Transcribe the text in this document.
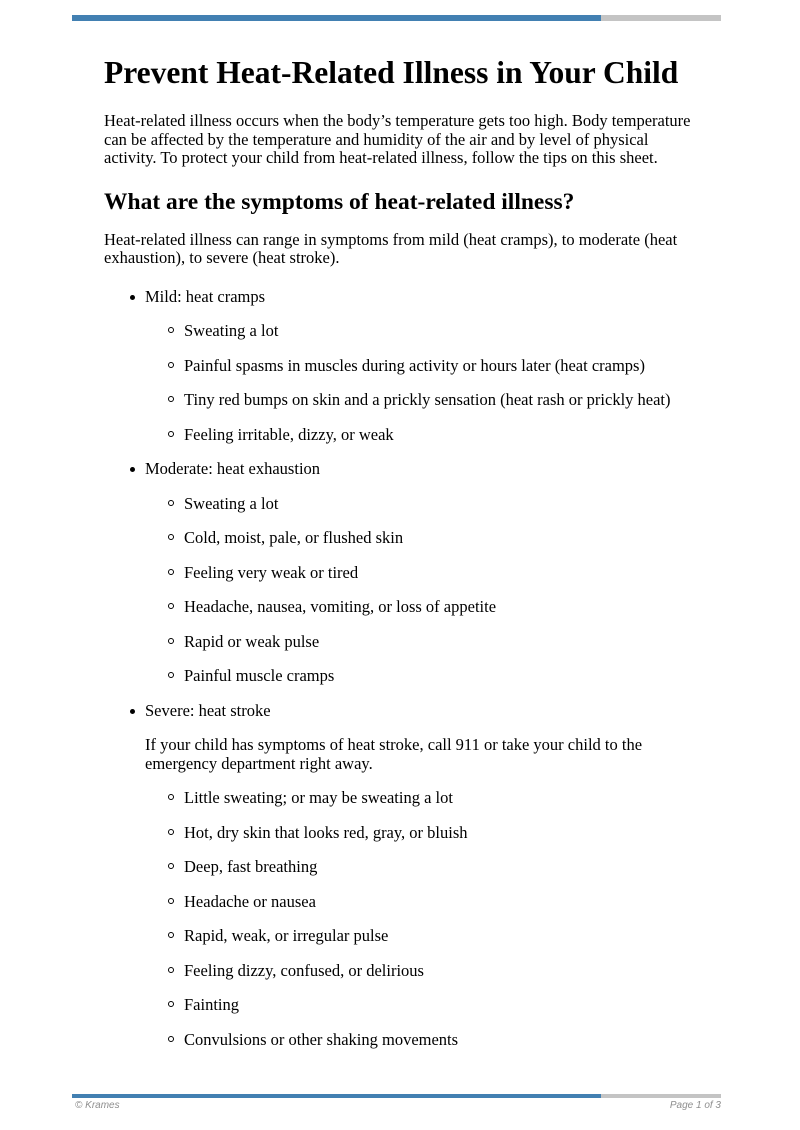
Prevent Heat-Related Illness in Your Child

Heat-related illness occurs when the body’s temperature gets too high. Body temperature can be affected by the temperature and humidity of the air and by level of physical activity. To protect your child from heat-related illness, follow the tips on this sheet.

What are the symptoms of heat-related illness?

Heat-related illness can range in symptoms from mild (heat cramps), to moderate (heat exhaustion), to severe (heat stroke).

Mild: heat cramps
Sweating a lot
Painful spasms in muscles during activity or hours later (heat cramps)
Tiny red bumps on skin and a prickly sensation (heat rash or prickly heat)
Feeling irritable, dizzy, or weak
Moderate: heat exhaustion
Sweating a lot
Cold, moist, pale, or flushed skin
Feeling very weak or tired
Headache, nausea, vomiting, or loss of appetite
Rapid or weak pulse
Painful muscle cramps
Severe: heat stroke

If your child has symptoms of heat stroke, call 911 or take your child to the emergency department right away.

Little sweating; or may be sweating a lot
Hot, dry skin that looks red, gray, or bluish
Deep, fast breathing
Headache or nausea
Rapid, weak, or irregular pulse
Feeling dizzy, confused, or delirious
Fainting
Convulsions or other shaking movements
© Krames	Page 1 of 3
